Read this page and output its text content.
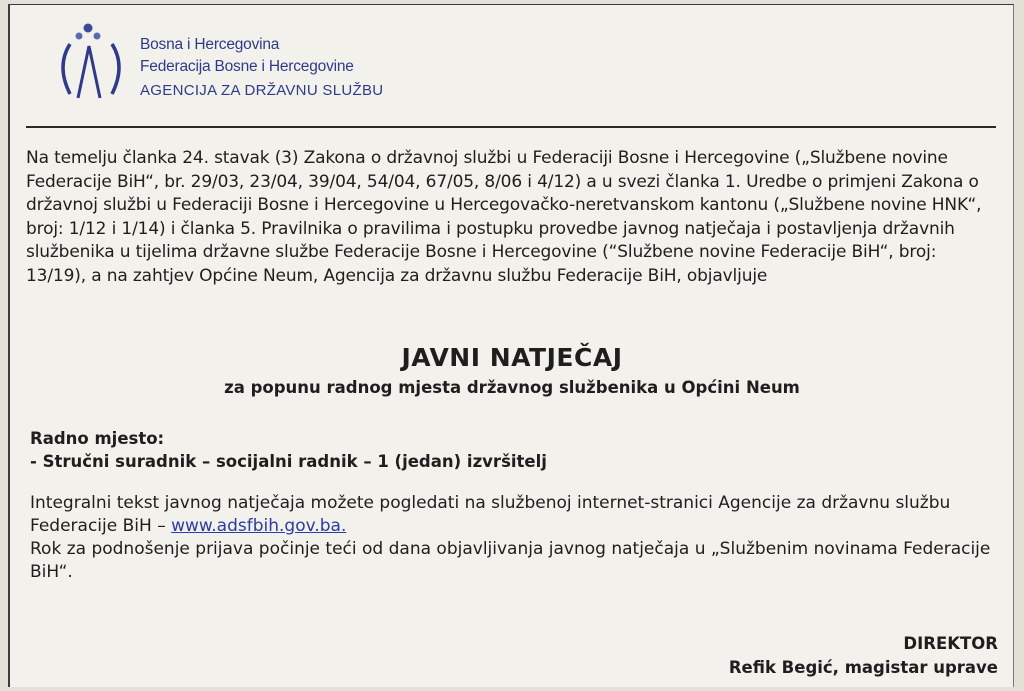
Bosna i Hercegovina
Federacija Bosne i Hercegovine
AGENCIJA ZA DRŽAVNU SLUŽBU

Na temelju članka 24. stavak (3) Zakona o državnoj službi u Federaciji Bosne i Hercegovine („Službene novine Federacije BiH“, br. 29/03, 23/04, 39/04, 54/04, 67/05, 8/06 i 4/12) a u svezi članka 1. Uredbe o primjeni Zakona o državnoj službi u Federaciji Bosne i Hercegovine u Hercegovačko-neretvanskom kantonu („Službene novine HNK“, broj: 1/12 i 1/14) i članka 5. Pravilnika o pravilima i postupku provedbe javnog natječaja i postavljenja državnih službenika u tijelima državne službe Federacije Bosne i Hercegovine (“Službene novine Federacije BiH“, broj: 13/19), a na zahtjev Općine Neum, Agencija za državnu službu Federacije BiH, objavljuje

JAVNI NATJEČAJ
za popunu radnog mjesta državnog službenika u Općini Neum
Radno mjesto:
- Stručni suradnik – socijalni radnik – 1 (jedan) izvršitelj

Integralni tekst javnog natječaja možete pogledati na službenoj internet-stranici Agencije za državnu službu Federacije BiH – www.adsfbih.gov.ba.
Rok za podnošenje prijava počinje teći od dana objavljivanja javnog natječaja u „Službenim novinama Federacije BiH“.

DIREKTOR
Refik Begić, magistar uprave
